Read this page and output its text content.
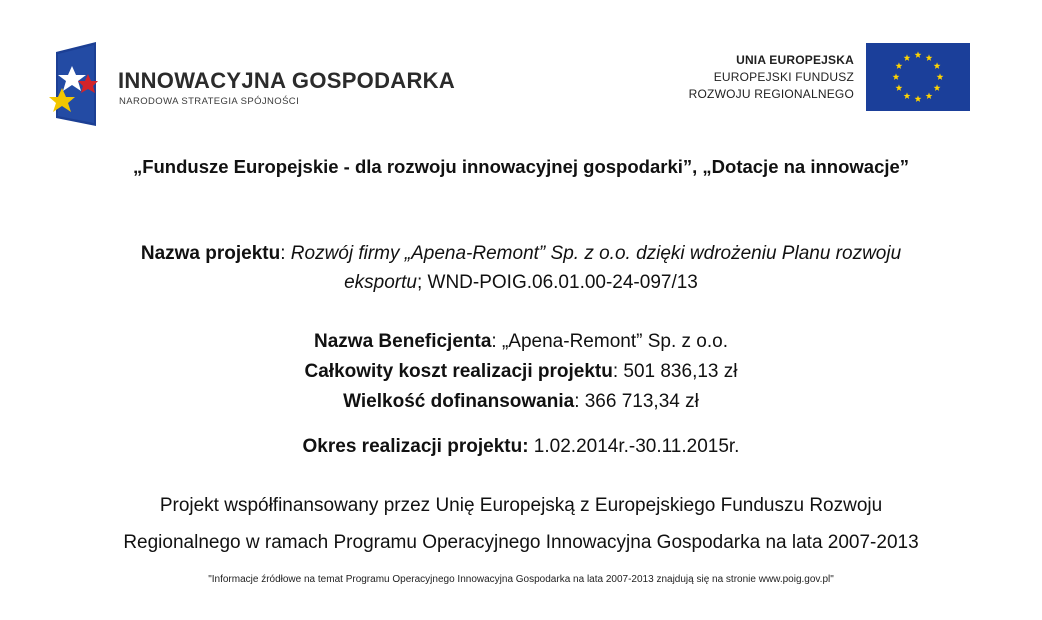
INNOWACYJNA GOSPODARKA
NARODOWA STRATEGIA SPÓJNOŚCI
UNIA EUROPEJSKA
EUROPEJSKI FUNDUSZ
ROZWOJU REGIONALNEGO
„Fundusze Europejskie - dla rozwoju innowacyjnej gospodarki”, „Dotacje na innowacje”
Nazwa projektu: Rozwój firmy „Apena-Remont” Sp. z o.o. dzięki wdrożeniu Planu rozwoju
eksportu; WND-POIG.06.01.00-24-097/13
Nazwa Beneficjenta: „Apena-Remont” Sp. z o.o.
Całkowity koszt realizacji projektu: 501 836,13 zł
Wielkość dofinansowania: 366 713,34 zł
Okres realizacji projektu: 1.02.2014r.-30.11.2015r.
Projekt współfinansowany przez Unię Europejską z Europejskiego Funduszu Rozwoju
Regionalnego w ramach Programu Operacyjnego Innowacyjna Gospodarka na lata 2007-2013
"Informacje źródłowe na temat Programu Operacyjnego Innowacyjna Gospodarka na lata 2007-2013 znajdują się na stronie www.poig.gov.pl"
